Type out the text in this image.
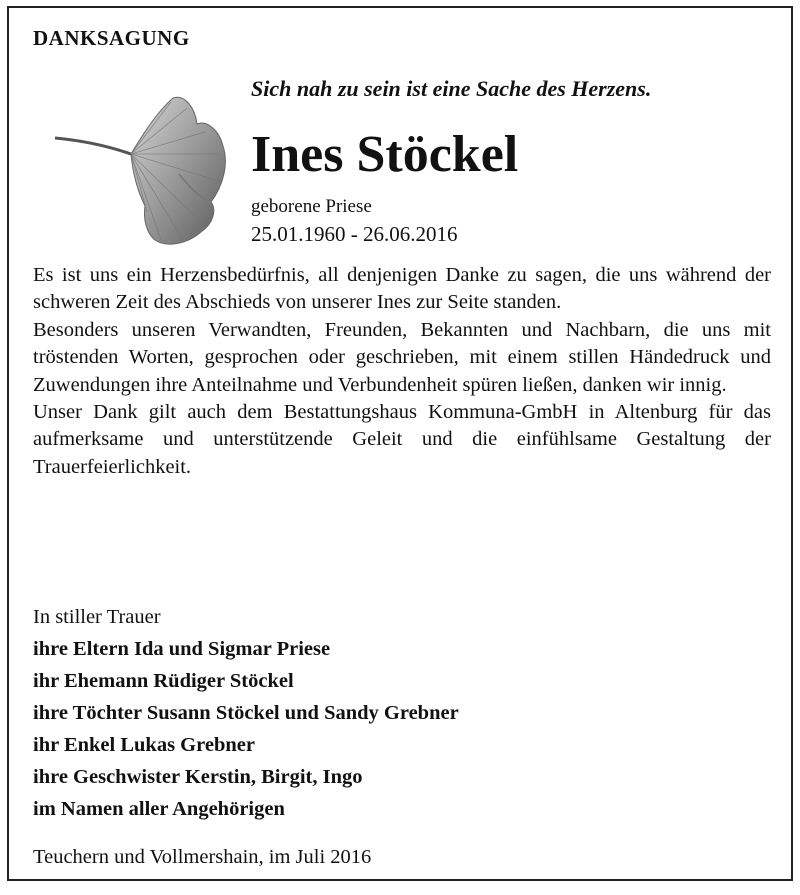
DANKSAGUNG
Sich nah zu sein ist eine Sache des Herzens.
Ines Stöckel
geborene Priese
25.01.1960 - 26.06.2016

Es ist uns ein Herzensbedürfnis, all denjenigen Danke zu sagen, die uns während der schweren Zeit des Abschieds von unserer Ines zur Seite standen.

Besonders unseren Verwandten, Freunden, Bekannten und Nachbarn, die uns mit tröstenden Worten, gesprochen oder geschrieben, mit einem stillen Händedruck und Zuwendungen ihre Anteilnahme und Verbundenheit spüren ließen, danken wir innig.

Unser Dank gilt auch dem Bestattungshaus Kommuna-GmbH in Altenburg für das aufmerksame und unterstützende Geleit und die einfühlsame Gestaltung der Trauerfeierlichkeit.

In stiller Trauer
ihre Eltern Ida und Sigmar Priese
ihr Ehemann Rüdiger Stöckel
ihre Töchter Susann Stöckel und Sandy Grebner
ihr Enkel Lukas Grebner
ihre Geschwister Kerstin, Birgit, Ingo
im Namen aller Angehörigen
Teuchern und Vollmershain, im Juli 2016
